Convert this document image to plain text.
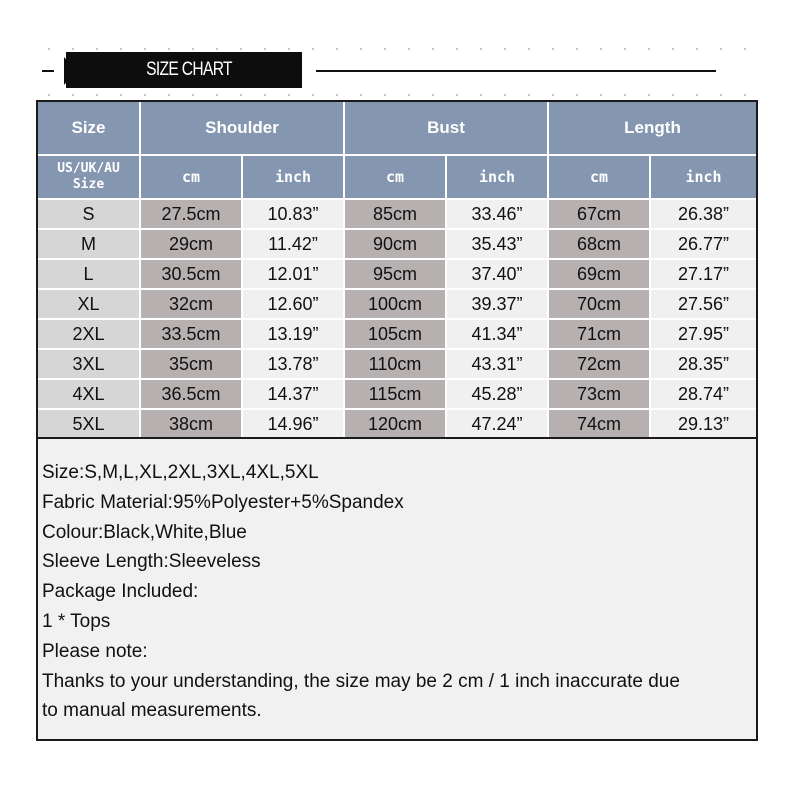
SIZE CHART
Size	Shoulder		Bust		Length	

US/UK/AU
Size	cm	inch	cm	inch	cm	inch
S	27.5cm	10.83”	85cm	33.46”	67cm	26.38”
M	29cm	11.42”	90cm	35.43”	68cm	26.77”
L	30.5cm	12.01”	95cm	37.40”	69cm	27.17”
XL	32cm	12.60”	100cm	39.37”	70cm	27.56”
2XL	33.5cm	13.19”	105cm	41.34”	71cm	27.95”
3XL	35cm	13.78”	110cm	43.31”	72cm	28.35”
4XL	36.5cm	14.37”	115cm	45.28”	73cm	28.74”
5XL	38cm	14.96”	120cm	47.24”	74cm	29.13”
Size:S,M,L,XL,2XL,3XL,4XL,5XL
Fabric Material:95%Polyester+5%Spandex
Colour:Black,White,Blue
Sleeve Length:Sleeveless
Package Included:
1 * Tops
Please note:
Thanks to your understanding, the size may be 2 cm / 1 inch inaccurate due
to manual measurements.
